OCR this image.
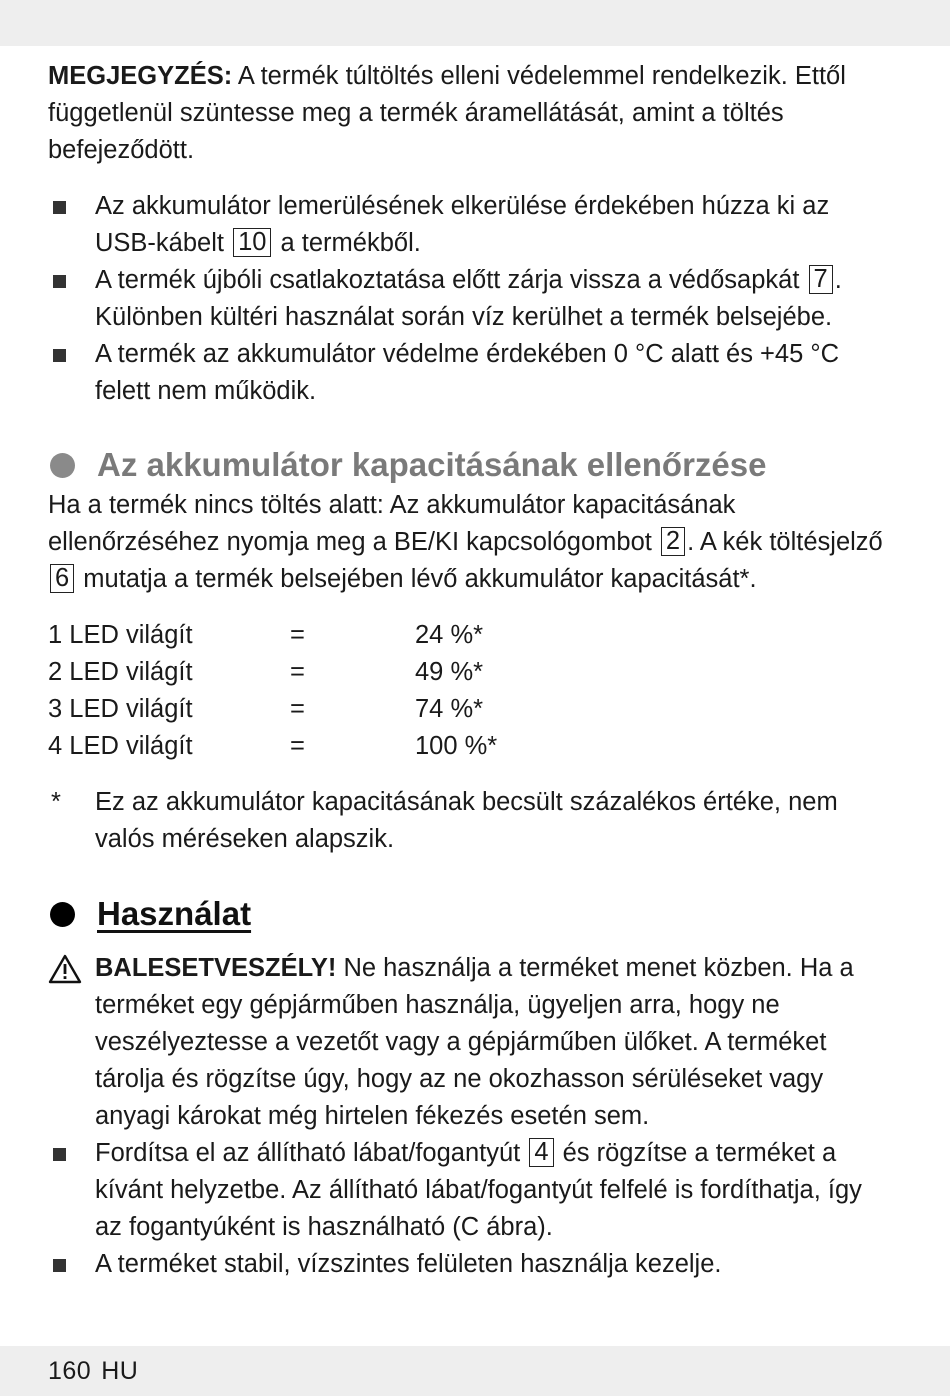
MEGJEGYZÉS: A termék túltöltés elleni védelemmel rendelkezik. Ettől függetlenül szüntesse meg a termék áramellátását, amint a töltés befejeződött.

Az akkumulátor lemerülésének elkerülése érdekében húzza ki az USB-kábelt 10 a termékből.
A termék újbóli csatlakoztatása előtt zárja vissza a védősapkát 7 . Különben kültéri használat során víz kerülhet a termék belsejébe.
A termék az akkumulátor védelme érdekében 0 °C alatt és +45 °C felett nem működik.
Az akkumulátor kapacitásának ellenőrzése

Ha a termék nincs töltés alatt: Az akkumulátor kapacitásának ellenőrzéséhez nyomja meg a BE/KI kapcsológombot 2 . A kék töltésjelző 6 mutatja a termék belsejében lévő akkumulátor kapacitását*.

1 LED világít	=	24 %*
2 LED világít	=	49 %*
3 LED világít	=	74 %*
4 LED világít	=	100 %*
* Ez az akkumulátor kapacitásának becsült százalékos értéke, nem valós méréseken alapszik.
Használat
BALESETVESZÉLY! Ne használja a terméket menet közben. Ha a terméket egy gépjárműben használja, ügyeljen arra, hogy ne veszélyeztesse a vezetőt vagy a gépjárműben ülőket. A terméket tárolja és rögzítse úgy, hogy az ne okozhasson sérüléseket vagy anyagi károkat még hirtelen fékezés esetén sem.
Fordítsa el az állítható lábat/fogantyút 4 és rögzítse a terméket a kívánt helyzetbe. Az állítható lábat/fogantyút felfelé is fordíthatja, így az fogantyúként is használható (C ábra).
A terméket stabil, vízszintes felületen használja kezelje.
160 HU
